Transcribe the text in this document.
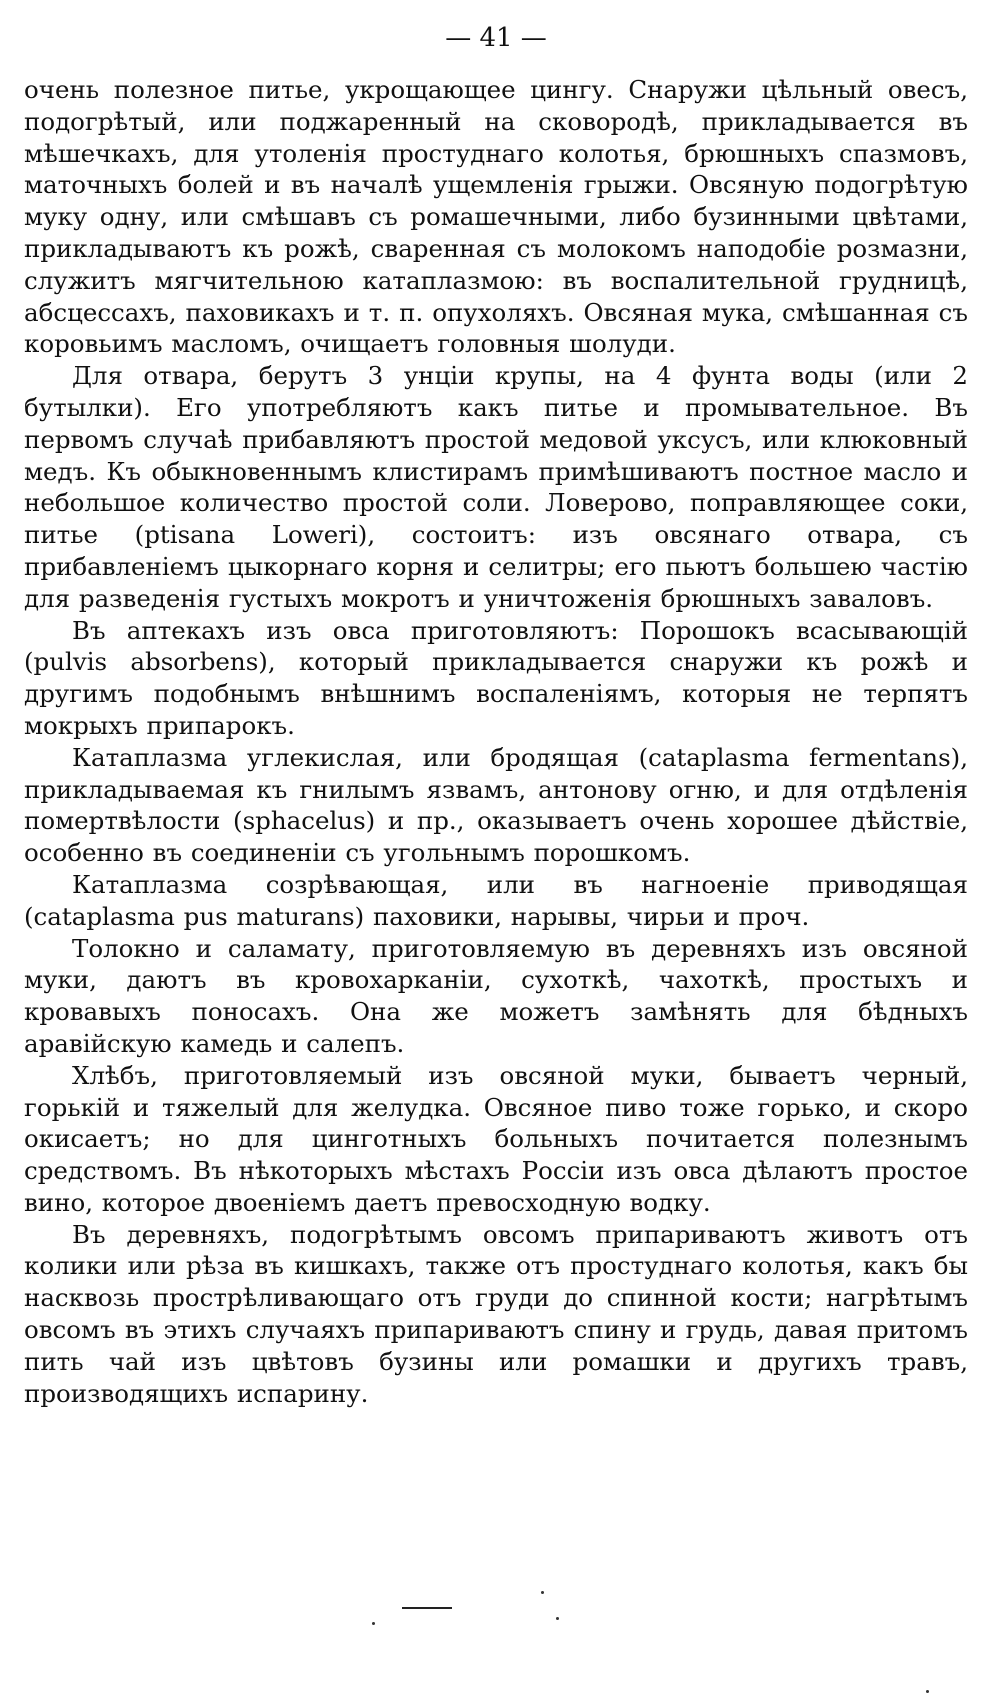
— 41 —

очень полезное питье, укрощающее цингу. Снаружи цѣльный овесъ, подогрѣтый, или поджаренный на сковородѣ, прикладывается въ мѣшечкахъ, для утоленія простуднаго колотья, брюшныхъ спазмовъ, маточныхъ болей и въ началѣ ущемленія грыжи. Овсяную подогрѣтую муку одну, или смѣшавъ съ ромашечными, либо бузинными цвѣтами, прикладываютъ къ рожѣ, сваренная съ молокомъ наподобіе розмазни, служитъ мягчительною катаплазмою: въ воспалительной грудницѣ, абсцессахъ, паховикахъ и т. п. опухоляхъ. Овсяная мука, смѣшанная съ коровьимъ масломъ, очищаетъ головныя шолуди.

Для отвара, берутъ 3 унціи крупы, на 4 фунта воды (или 2 бутылки). Его употребляютъ какъ питье и промывательное. Въ первомъ случаѣ прибавляютъ простой медовой уксусъ, или клюковный медъ. Къ обыкновеннымъ клистирамъ примѣшиваютъ постное масло и небольшое количество простой соли. Ловерово, поправляющее соки, питье (ptisana Loweri), состоитъ: изъ овсянаго отвара, съ прибавленіемъ цыкорнаго корня и селитры; его пьютъ большею частію для разведенія густыхъ мокротъ и уничтоженія брюшныхъ заваловъ.

Въ аптекахъ изъ овса приготовляютъ: Порошокъ всасывающій (pulvis absorbens), который прикладывается снаружи къ рожѣ и другимъ подобнымъ внѣшнимъ воспаленіямъ, которыя не терпятъ мокрыхъ припарокъ.

Катаплазма углекислая, или бродящая (cataplasma fermentans), прикладываемая къ гнилымъ язвамъ, антонову огню, и для отдѣленія помертвѣлости (sphacelus) и пр., оказываетъ очень хорошее дѣйствіе, особенно въ соединеніи съ угольнымъ порошкомъ.

Катаплазма созрѣвающая, или въ нагноеніе приводящая (cataplasma pus maturans) паховики, нарывы, чирьи и проч.

Толокно и саламату, приготовляемую въ деревняхъ изъ овсяной муки, даютъ въ кровохарканіи, сухоткѣ, чахоткѣ, простыхъ и кровавыхъ поносахъ. Она же можетъ замѣнять для бѣдныхъ аравійскую камедь и салепъ.

Хлѣбъ, приготовляемый изъ овсяной муки, бываетъ черный, горькій и тяжелый для желудка. Овсяное пиво тоже горько, и скоро окисаетъ; но для цинготныхъ больныхъ почитается полезнымъ средствомъ. Въ нѣкоторыхъ мѣстахъ Россіи изъ овса дѣлаютъ простое вино, которое двоеніемъ даетъ превосходную водку.

Въ деревняхъ, подогрѣтымъ овсомъ припариваютъ животъ отъ колики или рѣза въ кишкахъ, также отъ простуднаго колотья, какъ бы насквозь прострѣливающаго отъ груди до спинной кости; нагрѣтымъ овсомъ въ этихъ случаяхъ припариваютъ спину и грудь, давая притомъ пить чай изъ цвѣтовъ бузины или ромашки и другихъ травъ, производящихъ испарину.
